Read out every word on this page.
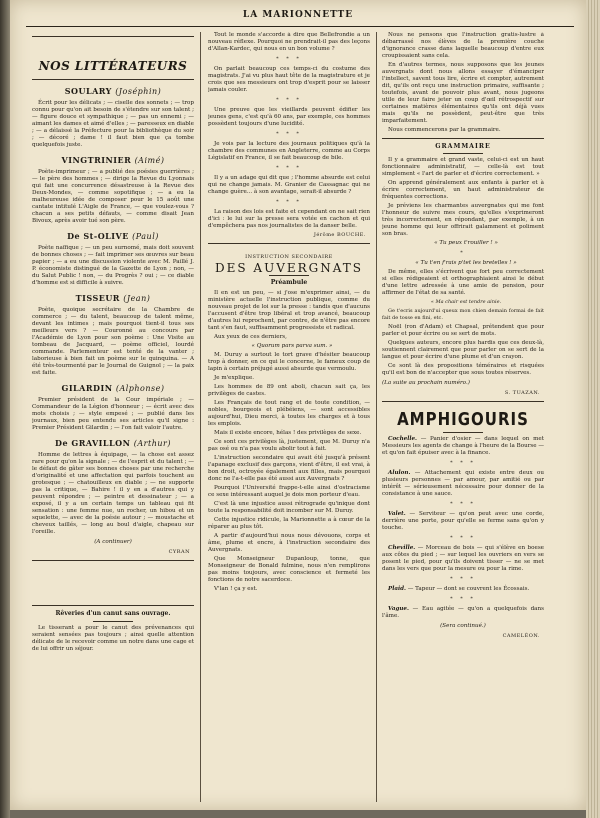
LA MARIONNETTE
NOS LITTÉRATEURS
SOULARY (Joséphin)

Écrit pour les délicats ; — ciselle des sonnets ; — trop connu pour qu'on ait besoin de s'étendre sur son talent ; — figure douce et sympathique ; — pas un ennemi ; — aimant les dames et aimé d'elles ; — paresseux en diable ; — a délaissé la Préfecture pour la bibliothèque du soir ; — décoré ; dame ! il faut bien que ça tombe quelquefois juste.

VINGTRINIER (Aimé)

Poète-imprimeur ; — a publié des poésies guerrières ; — le père des hommes ; — dirige la Revue du Lyonnais qui fait une concurrence désastreuse à la Revue des Deux-Mondes, — comme sopotifique ; — a eu la malheureuse idée de composer pour le 15 août une cantate intitulé L'Aigle de France, — que voulez-vous ? chacun a ses petits défauts, — comme disait Jean Bivoux, après avoir tué son père.

De St-OLIVE (Paul)

Poète naïfique ; — un peu surnomé, mais doit souvent de bonnes choses ; — fait imprimer ses œuvres sur beau papier ; — a eu une discussion violente avec M. Paillé J. P. économiste distingué de la Gazette de Lyon ; non, — du Salut Public ! non, — du Progrès ? oui ; — ce diable d'homme est si difficile à suivre.

TISSEUR (Jean)

Poète, quoique secrétaire de la Chambre de commerce ; — du talent, beaucoup de talent même, devant les intimes ; mais pourquoi tient-il tous ses meilleurs vers ? — Couronné au concours par l'Académie de Lyon pour son poème : Une Visite au tombeau de Jacquard, — poème officiel, lourdé commande. Parlementeur est tenté de la vanter ; laborieuse à bien fait un poème sur le quinquina. — A été très-tourmenté par le Journal de Guignol ; — la paix est faite.

GILARDIN (Alphonse)

Premier président de la Cour impériale ; — Commandeur de la Légion d'honneur ; — écrit avec des mots choisis ; — style empesé ; — publié dans les journaux, bien peu entendu ses articles qu'il signe : Premier Président Gilardin ; — l'on fait valoir l'autre.

De GRAVILLON (Arthur)

Homme de lettres à équipage, — la chose est assez rare pour qu'on la signale ; — de l'esprit et du talent ; — le défaut de gâter ses bonnes choses par une recherche d'originalité et une affectation qui parfois touchent au grotesque ; — chatouilleux en diable ; — ne supporte pas la critique, — Bahire ! il y en a d'autres qui y peuvent répondre ; — peintre et dessinateur ; — a exposé, il y a un certain temps un tableau qui fit sensation : une femme nue, un rocher, un hibou et un squelette, — avec de la poésie autour ; — moustache et cheveux taillés, — long au boul d'aigle, chapeau sur l'oreille.

(A continuer)
CYRAN
Rêveries d'un canut sans ouvrage.

Le tisserant a pour le canut des prévenances qui seraient sensées pas toujours ; ainsi quelle attention délicate de le recevoir comme un notre dans une cage et de lui offrir un séjour.

Tout le monde s'accorde à dire que Bellefrondie a un nouveau réflexe. Pourquoi ne prendrait-il pas des leçons d'Allan-Kardec, qui nous en un bon volume ?

* * *

On parlait beaucoup ces temps-ci du costume des magistrats. J'ai vu plus haut tête de la magistrature et je crois que ses messieurs ont trop d'esprit pour se laisser jamais couler.

* * *

Une preuve que les vieillards peuvent édifier les jeunes gens, c'est qu'à 60 ans, par exemple, ces hommes possèdent toujours d'une lucidité.

* * *

Je vois par la lecture des journaux politiques qu'à la chambre des communes en Angleterre, comme au Corps Législatif en France, il se fait beaucoup de bile.

* * *

Il y a un adage qui dit que ; l'homme absurde est celui qui ne change jamais. M. Granier de Cassagnac qui ne change guère... à son avantage, serait-il absurde ?

* * *

La raison des lois est faite et cependant on ne sait rien d'ici : le lui sur la presse sera votée en cachon et qui d'empêchera pas nos journalistes de la danser belle.

Jérôme BOUCHE.
INSTRUCTION SECONDAIRE
DES AUVERGNATS
Préambule

Il en est un peu, — si j'ose m'exprimer ainsi, — du ministère actuelle l'instruction publique, comme du nouveau projet de loi sur la presse : tandis que d'aucuns l'accusent d'être trop libéral et trop avancé, beaucoup d'autres lui reprochent, par contre, de n'être pas encore tant s'en faut, suffisamment progressiste et radical.

Aux yeux de ces derniers,

« Quorum pars parva sum. »

M. Duruy a surtout le tort grave d'hésiter beaucoup trop à donner, en ce qui le concerne, le fameux coup de lapin à certain préjugé aussi absurde que vermoulu.

Je m'explique.

Les hommes de 89 ont aboli, chacun sait ça, les privilèges de castes.

Les Français de tout rang et de toute condition, — nobles, bourgeois et plébéiens, — sont accessibles aujourd'hui, Dieu merci, à toutes les charges et à tous les emplois.

Mais il existe encore, hélas ! des privilèges de sexe.

Ce sont ces privilèges là, justement, que M. Duruy n'a pas osé ou n'a pas voulu abolir tout à fait.

L'instruction secondaire qui avait été jusqu'à présent l'apanage exclusif des garçons, vient d'être, il est vrai, à bon droit, octroyée également aux filles, mais pourquoi donc ne l'a-t-elle pas été aussi aux Auvergnats ?

Pourquoi l'Université frappe-t-elle ainsi d'ostracisme ce sexe intéressant auquel je dois mon porteur d'eau.

C'est là une injustice aussi rétrograde qu'inique dont toute la responsabilité doit incomber sur M. Duruy.

Cette injustice ridicule, la Marionnette a à cœur de la réparer au plus tôt.

A partir d'aujourd'hui nous nous dévouons, corps et âme, plume et encre, à l'instruction secondaire des Auvergnats.

Que Monseigneur Dupanloup, tonne, que Monseigneur de Bonald fulmine, nous n'en remplirons pas moins toujours, avec conscience et fermeté les fonctions de notre sacerdoce.

V'lan ! ça y est.

Nous ne pensons que l'instruction gratis-lustre à débarrassé nos élèves de la première couche d'ignorance crasse dans laquelle beaucoup d'entre eux croupissaient sans cela.

En d'autres termes, nous supposons que les jeunes auvergnats dont nous allons essayer d'émanciper l'intellect, savent tous lire, écrire et compter, autrement dit, qu'ils ont reçu une instruction primaire, suffisante ; toutefois, avant de pouvoir plus avant, nous jugeons utile de leur faire jeter un coup d'œil rétrospectif sur certaines matières élémentaires qu'ils ont déjà vues mais qu'ils ne possèdent, peut-être que très imparfaitement.

Nous commencerons par la grammaire.

GRAMMAIRE

Il y a grammaire et grand vaste, celui-ci est un haut fonctionnaire administratif, — celle-là est tout simplement « l'art de parler et d'écrire correctement. »

On apprend généralement aux enfants à parler et à écrire correctement, un haut administrateur de fréquentes corrections.

Je préviens les charmantes auvergnates qui me font l'honneur de suivre mes cours, qu'elles s'exprimeront très incorrectement, en répondant, par exemple, à un jeune homme qui leur offrirait galamment et poliment son bras.

« Tu peux t'rouiller ! »

*

« Tu t'en f'rais p'tet les bretelles ! »

De même, elles s'écrivent que fort peu correctement si elles rédigeaient et orthographiaient ainsi le début d'une lettre adressée à une amie de pension, pour affirmer de l'état de sa santé.

« Ma chair est tendre ainie.

Ge t'ecris aujourd'ui queux mon chien demain formai de fait fait de tosse en fini, etc.

Noël (ron d'Adam) et Chapsal, prétendent que pour parler et pour écrire ou se sert de mots.

Quelques auteurs, encore plus hardis que ces deux-là, soutiennent clairement que pour parler on se sert de la langue et pour écrire d'une plume et d'un crayon.

Ce sont là des propositions téméraires et risquées qu'il est bon de n'accepter que sous toutes réserves.

(La suite au prochain numéro.)
S. TUAZAN.
AMPHIGOURIS

Cochelle. — Panier d'osier — dans lequel on met Messieurs les agents de change à l'heure de la Bourse — et qu'on fait épuiser avec à la finance.

* * *

Alulon. — Attachement qui existe entre deux ou plusieurs personnes — par amour, par amitié ou par intérêt — sérieusement nécessaire pour donner de la consistance à une sauce.

* * *

Valet. — Serviteur — qu'on peut avec une corde, derrière une porte, pour qu'elle se ferme sans qu'on y touche.

* * *

Cheville. — Morceau de bois — qui s'élève en boese aux côtes du pied ; — sur lequel les ouvriers en vers se posent le pied, pour qu'ils doivent tisser — ne se met dans les vers que pour la mesure ou pour la rime.

* * *

Plaid. — Tapeur — dont se couvrent les Écossais.

* * *

Vague. — Eau agitée — qu'on a quelquefois dans l'âme.

(Sera continué.)
CAMELÉON.
